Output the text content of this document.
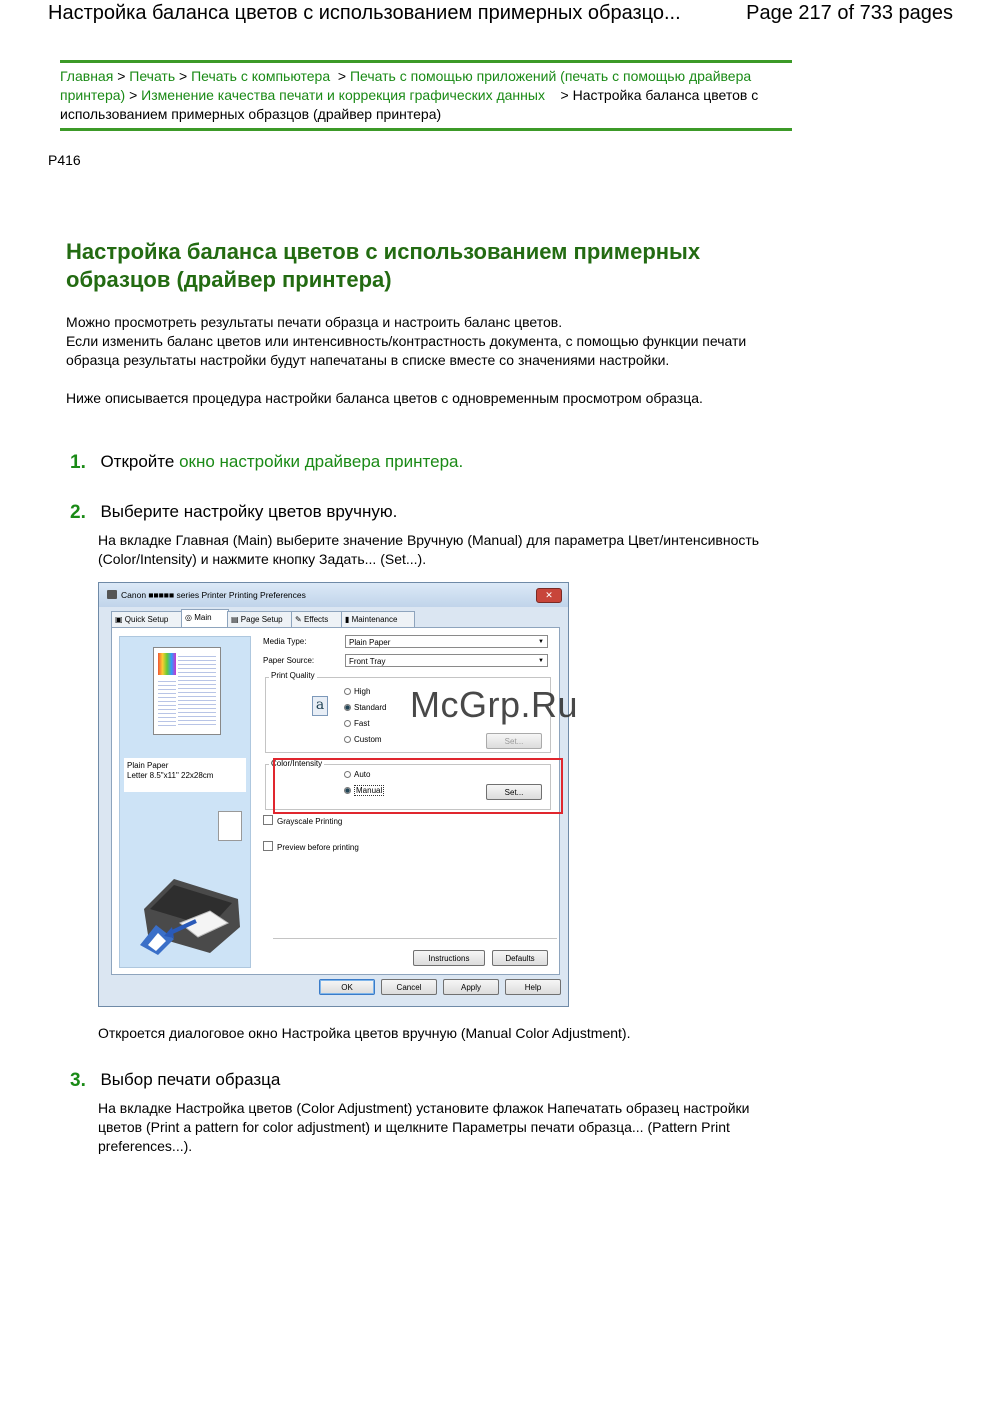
Настройка баланса цветов с использованием примерных образцо...	Page 217 of 733 pages
Главная > Печать > Печать с компьютера > Печать с помощью приложений (печать с помощью драйвера принтера) > Изменение качества печати и коррекция графических данных > Настройка баланса цветов с использованием примерных образцов (драйвер принтера)
P416
Настройка баланса цветов с использованием примерных образцов (драйвер принтера)

Можно просмотреть результаты печати образца и настроить баланс цветов.
Если изменить баланс цветов или интенсивность/контрастность документа, с помощью функции печати образца результаты настройки будут напечатаны в списке вместе со значениями настройки.

Ниже описывается процедура настройки баланса цветов с одновременным просмотром образца.

1. Откройте окно настройки драйвера принтера.
2. Выберите настройку цветов вручную.
На вкладке Главная (Main) выберите значение Вручную (Manual) для параметра Цвет/интенсивность (Color/Intensity) и нажмите кнопку Задать... (Set...).
Canon ■■■■■ series Printer Printing Preferences	✕
▣ Quick Setup	◎ Main	▤ Page Setup	✎ Effects	▮ Maintenance
Plain Paper
Letter 8.5"x11" 22x28cm
Media Type:	Plain Paper	▼
Paper Source:	Front Tray	▼
Print Quality
a
High
Standard
Fast
Custom	Set...
Color/Intensity
Auto
Manual	Set...
Grayscale Printing
Preview before printing
Instructions	Defaults
OK	Cancel	Apply	Help
McGrp.Ru
Откроется диалоговое окно Настройка цветов вручную (Manual Color Adjustment).
3. Выбор печати образца
На вкладке Настройка цветов (Color Adjustment) установите флажок Напечатать образец настройки цветов (Print a pattern for color adjustment) и щелкните Параметры печати образца... (Pattern Print preferences...).
